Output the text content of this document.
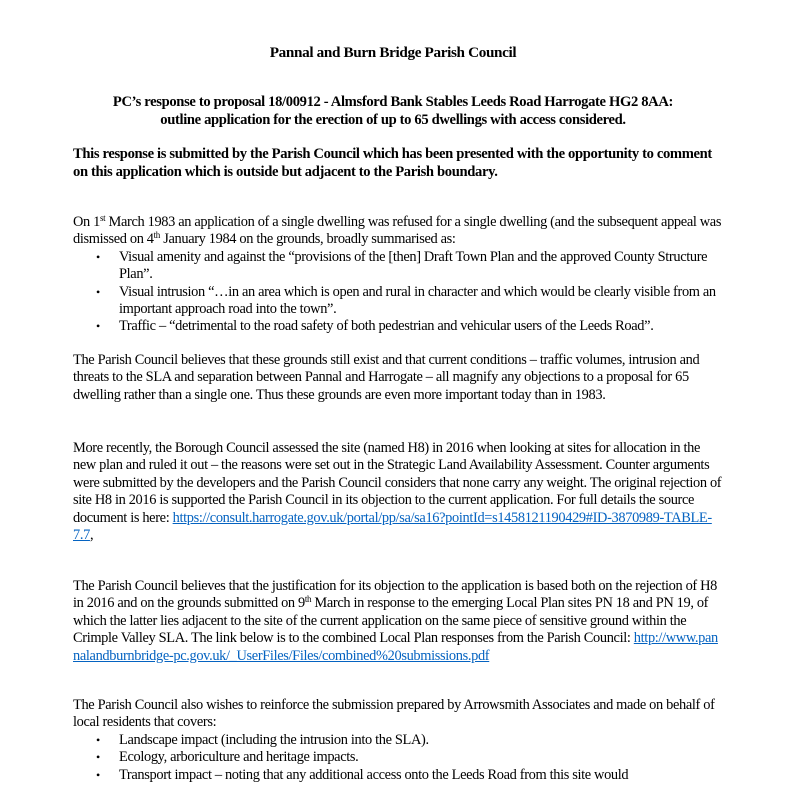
Pannal and Burn Bridge Parish Council
PC’s response to proposal 18/00912 - Almsford Bank Stables Leeds Road Harrogate HG2 8AA:
outline application for the erection of up to 65 dwellings with access considered.
This response is submitted by the Parish Council which has been presented with the opportunity to comment on this application which is outside but adjacent to the Parish boundary.

On 1st March 1983 an application of a single dwelling was refused for a single dwelling (and the subsequent appeal was dismissed on 4th January 1984 on the grounds, broadly summarised as:

• Visual amenity and against the “provisions of the [then] Draft Town Plan and the approved County Structure Plan”.
• Visual intrusion “…in an area which is open and rural in character and which would be clearly visible from an important approach road into the town”.
• Traffic – “detrimental to the road safety of both pedestrian and vehicular users of the Leeds Road”.
The Parish Council believes that these grounds still exist and that current conditions – traffic volumes, intrusion and threats to the SLA and separation between Pannal and Harrogate – all magnify any objections to a proposal for 65 dwelling rather than a single one. Thus these grounds are even more important today than in 1983.

More recently, the Borough Council assessed the site (named H8) in 2016 when looking at sites for allocation in the new plan and ruled it out – the reasons were set out in the Strategic Land Availability Assessment. Counter arguments were submitted by the developers and the Parish Council considers that none carry any weight. The original rejection of site H8 in 2016 is supported the Parish Council in its objection to the current application. For full details the source document is here: https://consult.harrogate.gov.uk/portal/pp/sa/sa16?pointId=s1458121190429#ID-3870989-TABLE-7.7,

The Parish Council believes that the justification for its objection to the application is based both on the rejection of H8 in 2016 and on the grounds submitted on 9th March in response to the emerging Local Plan sites PN 18 and PN 19, of which the latter lies adjacent to the site of the current application on the same piece of sensitive ground within the Crimple Valley SLA. The link below is to the combined Local Plan responses from the Parish Council: http://www.pannalandburnbridge-pc.gov.uk/_UserFiles/Files/combined%20submissions.pdf

The Parish Council also wishes to reinforce the submission prepared by Arrowsmith Associates and made on behalf of local residents that covers:

• Landscape impact (including the intrusion into the SLA).
• Ecology, arboriculture and heritage impacts.
• Transport impact – noting that any additional access onto the Leeds Road from this site would
